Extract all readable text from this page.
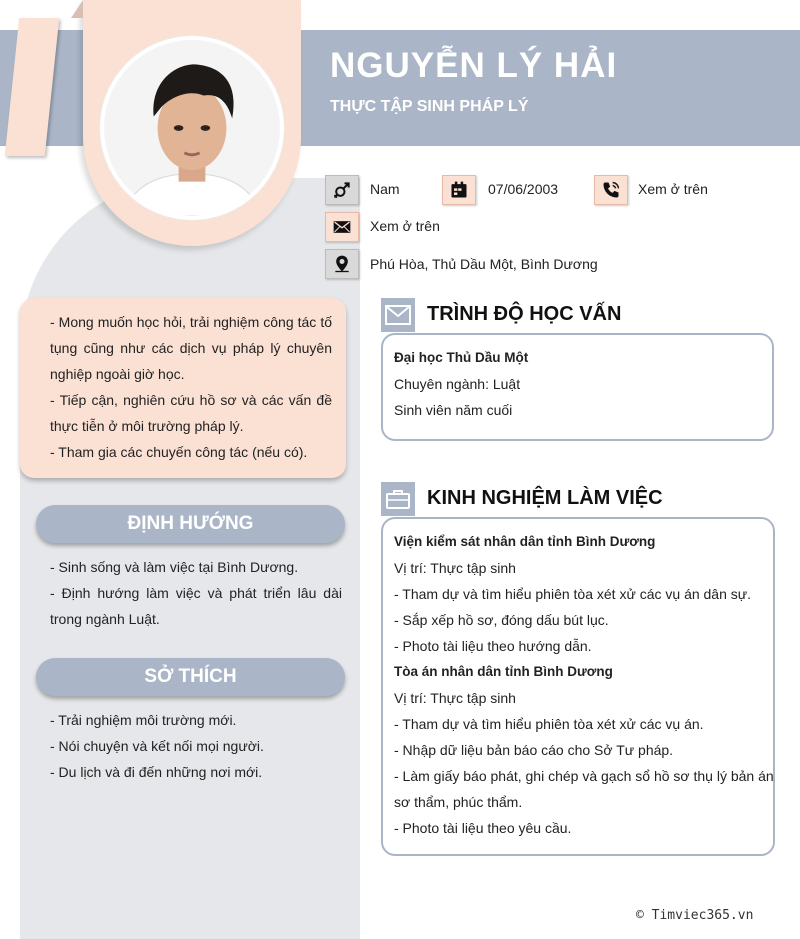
NGUYỄN LÝ HẢI
THỰC TẬP SINH PHÁP LÝ
Nam	07/06/2003	Xem ở trên
Xem ở trên
Phú Hòa, Thủ Dầu Một, Bình Dương

- Mong muốn học hỏi, trải nghiệm công tác tố tụng cũng như các dịch vụ pháp lý chuyên nghiệp ngoài giờ học.

- Tiếp cận, nghiên cứu hồ sơ và các vấn đề thực tiễn ở môi trường pháp lý.

- Tham gia các chuyến công tác (nếu có).

ĐỊNH HƯỚNG

- Sinh sống và làm việc tại Bình Dương.

- Định hướng làm việc và phát triển lâu dài trong ngành Luật.

SỞ THÍCH

- Trải nghiệm môi trường mới.

- Nói chuyện và kết nối mọi người.

- Du lịch và đi đến những nơi mới.

TRÌNH ĐỘ HỌC VẤN
Đại học Thủ Dầu Một
Chuyên ngành: Luật
Sinh viên năm cuối
KINH NGHIỆM LÀM VIỆC
Viện kiểm sát nhân dân tỉnh Bình Dương
Vị trí: Thực tập sinh
- Tham dự và tìm hiểu phiên tòa xét xử các vụ án dân sự.
- Sắp xếp hồ sơ, đóng dấu bút lục.
- Photo tài liệu theo hướng dẫn.
Tòa án nhân dân tỉnh Bình Dương
Vị trí: Thực tập sinh
- Tham dự và tìm hiểu phiên tòa xét xử các vụ án.
- Nhập dữ liệu bản báo cáo cho Sở Tư pháp.
- Làm giấy báo phát, ghi chép và gạch sổ hồ sơ thụ lý bản án
sơ thẩm, phúc thẩm.
- Photo tài liệu theo yêu cầu.
© Timviec365.vn
